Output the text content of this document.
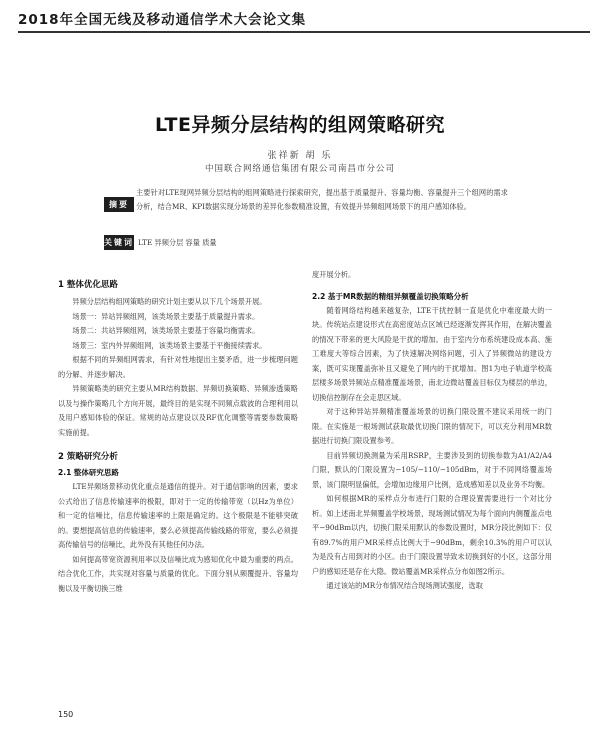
2018年全国无线及移动通信学术大会论文集
LTE异频分层结构的组网策略研究
张祥新 胡 乐
中国联合网络通信集团有限公司南昌市分公司
摘要
主要针对LTE现网异频分层结构的组网策略进行探索研究，提出基于质量提升、容量均衡、容量提升三个组网的需求分析，结合MR、KPI数据实现分场景的差异化参数精准设置，有效提升异频组网场景下的用户感知体验。
关键词 LTE 异频分层 容量 质量
1 整体优化思路

异频分层结构组网策略的研究计划主要从以下几个场景开展。

场景一：异站异频组网，该类场景主要基于质量提升需求。

场景二：共站异频组网，该类场景主要基于容量均衡需求。

场景三：室内外异频组网，该类场景主要基于平衡接续需求。

根据不同的异频组网需求，有针对性地提出主要矛盾，进一步梳理问题的分解、并逐步解决。

异频策略类的研究主要从MR结构数据、异频切换策略、异频渗透策略以及与操作策略几个方向开展，最终目的是实现不同频点载波的合理利用以及用户感知体验的保证。常规的站点建设以及RF优化调整等需要参数策略实施前提。

2 策略研究分析
2.1 整体研究思路

LTE异频场景移动优化重点是通信的提升。对于通信影响的因素，要求公式给出了信息传输速率的极限，即对于一定的传输带宽（以Hz为单位）和一定的信噪比，信息传输速率的上限是确定的。这个极限是不能够突破的。要想提高信息的传输速率，要么必须提高传输线路的带宽，要么必须提高传输信号的信噪比，此外没有其他任何办法。

如何提高带宽资源利用率以及信噪比成为感知优化中最为重要的两点。结合优化工作，共实现对容量与质量的优化。下面分别从频覆提升、容量均衡以及平衡切换三维

度开展分析。

2.2 基于MR数据的精细异频覆盖切换策略分析

随着网络结构越来越复杂，LTE干扰控制一直是优化中难度最大的一块。传统站点建设形式在高密度站点区域已经逐渐发挥其作用，在解决覆盖的情况下带来的更大风险是干扰的增加。由于室内分布系统建设成本高、施工难度大等综合因素，为了快速解决网络问题，引入了异频微站的建设方案，既可实现覆盖弥补且又避免了网内的干扰增加。图1为电子轨道学校高层楼多场景异频站点精准覆盖场景，南北边微站覆盖目标仅为楼层的单边，切换信控制存在会走思区域。

对于这种异站异频精准覆盖场景的切换门限设置不建议采用统一的门限。在实施是一根场测试获取最优切换门限的情况下，可以充分利用MR数据进行切换门限设置参考。

目前异频切换测量为采用RSRP，主要涉及到的切换参数为A1/A2/A4门限，默认的门限设置为−105/−110/−105dBm，对于不同网络覆盖场景，该门限明显偏低，会增加边缘用户比例，造成感知差以及业务不均衡。

如何根据MR的采样点分布进行门限的合理设置需要进行一个对比分析。如上述南北异频覆盖学校场景，现场测试情况为每个面向内侧覆盖点电平−90dBm以内，切换门限采用默认的参数设置时，MR分段比例如下：仅有89.7%的用户MR采样点比例大于−90dBm，剩余10.3%的用户可以认为是没有占用到对的小区。由于门限设置导致未切换到好的小区，这部分用户的感知还是存在大隐。微站覆盖MR采样点分布如图2所示。

通过该站的MR分布情况结合现场测试强度，选取

150
